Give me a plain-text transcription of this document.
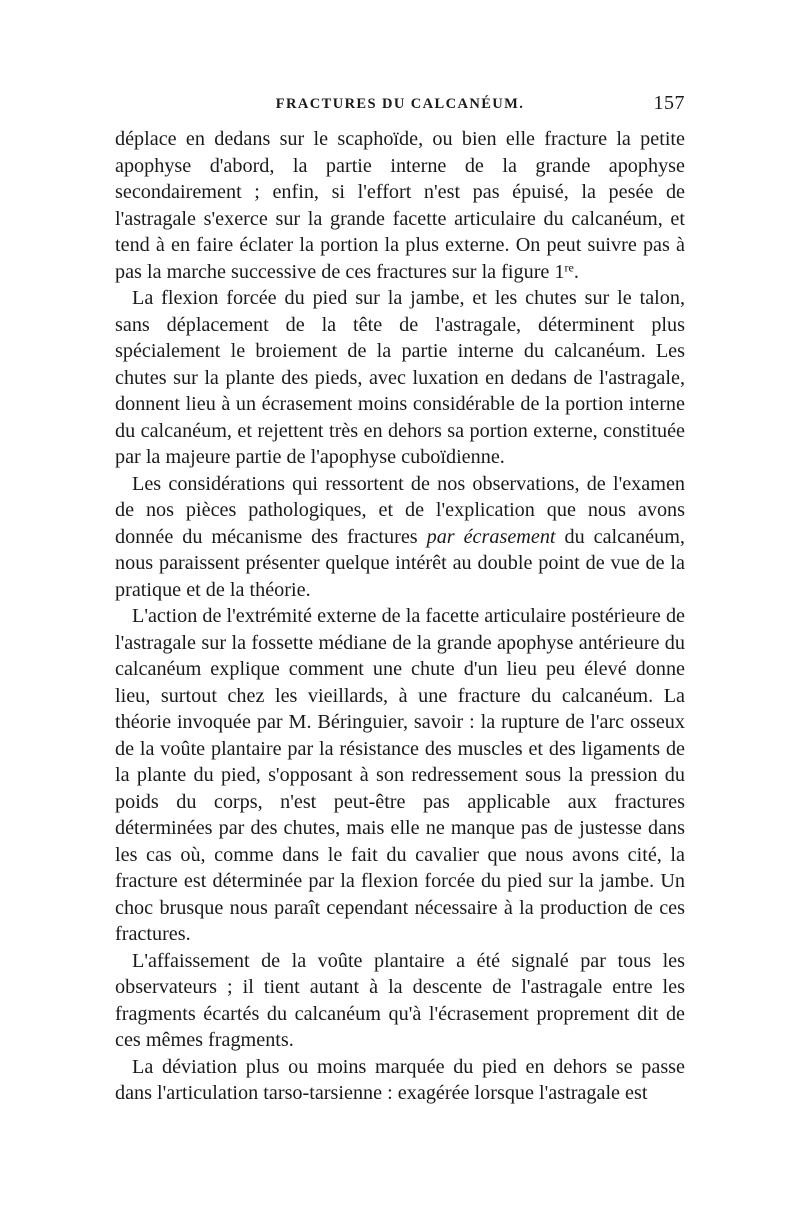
FRACTURES DU CALCANÉUM.	157

déplace en dedans sur le scaphoïde, ou bien elle fracture la petite apophyse d'abord, la partie interne de la grande apophyse secondairement ; enfin, si l'effort n'est pas épuisé, la pesée de l'astragale s'exerce sur la grande facette articulaire du calcanéum, et tend à en faire éclater la portion la plus externe. On peut suivre pas à pas la marche successive de ces fractures sur la figure 1re.

La flexion forcée du pied sur la jambe, et les chutes sur le talon, sans déplacement de la tête de l'astragale, déterminent plus spécialement le broiement de la partie interne du calcanéum. Les chutes sur la plante des pieds, avec luxation en dedans de l'astragale, donnent lieu à un écrasement moins considérable de la portion interne du calcanéum, et rejettent très en dehors sa portion externe, constituée par la majeure partie de l'apophyse cuboïdienne.

Les considérations qui ressortent de nos observations, de l'examen de nos pièces pathologiques, et de l'explication que nous avons donnée du mécanisme des fractures par écrasement du calcanéum, nous paraissent présenter quelque intérêt au double point de vue de la pratique et de la théorie.

L'action de l'extrémité externe de la facette articulaire postérieure de l'astragale sur la fossette médiane de la grande apophyse antérieure du calcanéum explique comment une chute d'un lieu peu élevé donne lieu, surtout chez les vieillards, à une fracture du calcanéum. La théorie invoquée par M. Béringuier, savoir : la rupture de l'arc osseux de la voûte plantaire par la résistance des muscles et des ligaments de la plante du pied, s'opposant à son redressement sous la pression du poids du corps, n'est peut-être pas applicable aux fractures déterminées par des chutes, mais elle ne manque pas de justesse dans les cas où, comme dans le fait du cavalier que nous avons cité, la fracture est déterminée par la flexion forcée du pied sur la jambe. Un choc brusque nous paraît cependant nécessaire à la production de ces fractures.

L'affaissement de la voûte plantaire a été signalé par tous les observateurs ; il tient autant à la descente de l'astragale entre les fragments écartés du calcanéum qu'à l'écrasement proprement dit de ces mêmes fragments.

La déviation plus ou moins marquée du pied en dehors se passe dans l'articulation tarso-tarsienne : exagérée lorsque l'astragale est
